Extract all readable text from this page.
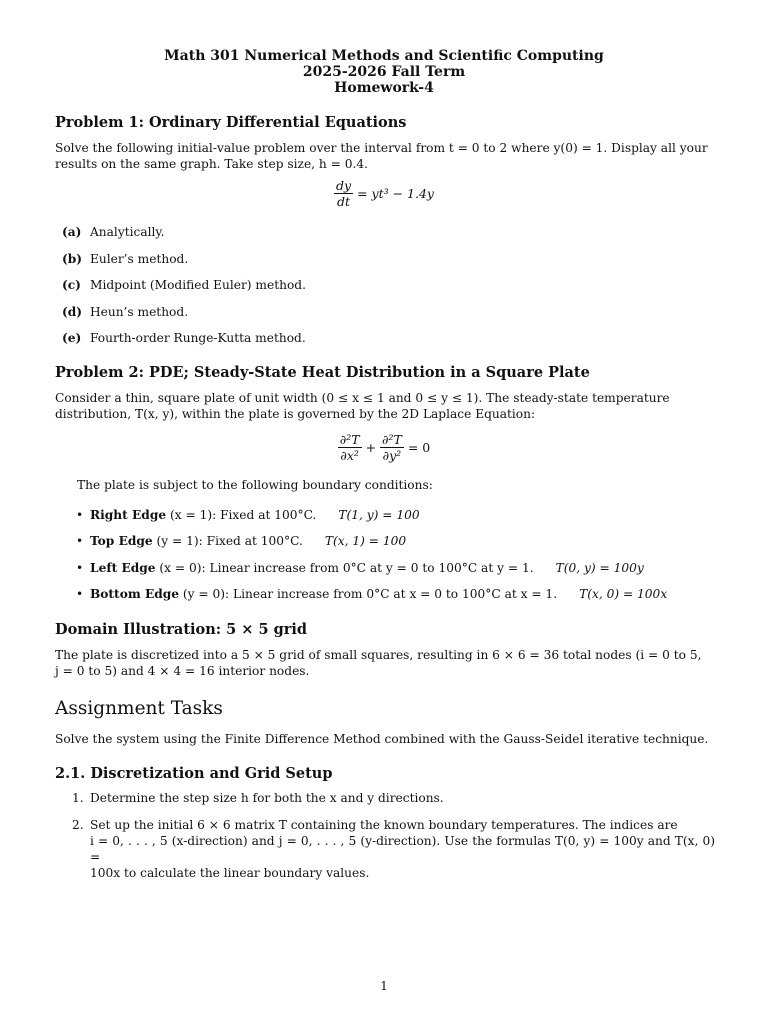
Math 301 Numerical Methods and Scientific Computing
2025-2026 Fall Term
Homework-4
Problem 1: Ordinary Differential Equations
Solve the following initial-value problem over the interval from t = 0 to 2 where y(0) = 1. Display all your
results on the same graph. Take step size, h = 0.4.
$\frac{dy}{dt} = yt^3 - 1.4y$
(a) Analytically.
(b) Euler’s method.
(c) Midpoint (Modified Euler) method.
(d) Heun’s method.
(e) Fourth-order Runge-Kutta method.
Problem 2: PDE; Steady-State Heat Distribution in a Square Plate
Consider a thin, square plate of unit width (0 ≤ x ≤ 1 and 0 ≤ y ≤ 1). The steady-state temperature
distribution, T(x, y), within the plate is governed by the 2D Laplace Equation:
$\frac{\text{∂²T}}{\text{∂x²}} + \frac{\text{∂²T}}{\text{∂y²}} = 0$
The plate is subject to the following boundary conditions:
• Right Edge (x = 1): Fixed at 100°C. T(1, y) = 100
• Top Edge (y = 1): Fixed at 100°C. T(x, 1) = 100
• Left Edge (x = 0): Linear increase from 0°C at y = 0 to 100°C at y = 1. T(0, y) = 100y
• Bottom Edge (y = 0): Linear increase from 0°C at x = 0 to 100°C at x = 1. T(x, 0) = 100x
Domain Illustration: 5 × 5 grid
The plate is discretized into a 5 × 5 grid of small squares, resulting in 6 × 6 = 36 total nodes (i = 0 to 5,
j = 0 to 5) and 4 × 4 = 16 interior nodes.
Assignment Tasks
Solve the system using the Finite Difference Method combined with the Gauss-Seidel iterative technique.
2.1. Discretization and Grid Setup
1. Determine the step size h for both the x and y directions.
2. Set up the initial 6 × 6 matrix T containing the known boundary temperatures. The indices are
i = 0, . . . , 5 (x-direction) and j = 0, . . . , 5 (y-direction). Use the formulas T(0, y) = 100y and T(x, 0) =
100x to calculate the linear boundary values.
1
